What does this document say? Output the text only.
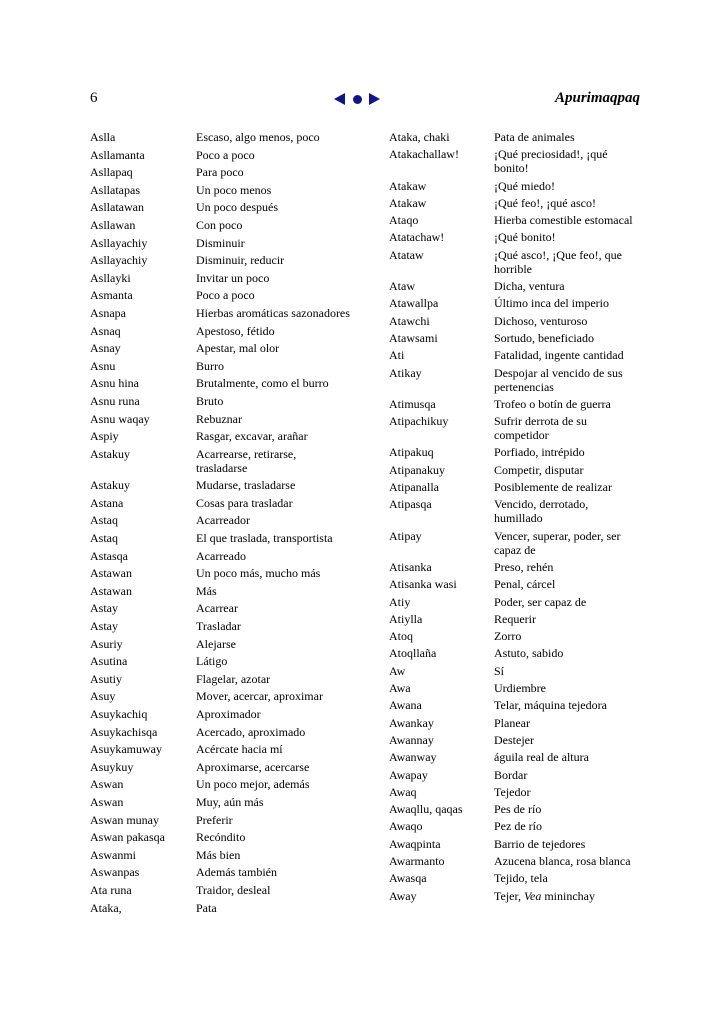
6	Apurimaqpaq
Aslla	Escaso, algo menos, poco
Asllamanta	Poco a poco
Asllapaq	Para poco
Asllatapas	Un poco menos
Asllatawan	Un poco después
Asllawan	Con poco
Asllayachiy	Disminuir
Asllayachiy	Disminuir, reducir
Asllayki	Invitar un poco
Asmanta	Poco a poco
Asnapa	Hierbas aromáticas sazonadores
Asnaq	Apestoso, fétido
Asnay	Apestar, mal olor
Asnu	Burro
Asnu hina	Brutalmente, como el burro
Asnu runa	Bruto
Asnu waqay	Rebuznar
Aspiy	Rasgar, excavar, arañar
Astakuy	Acarrearse, retirarse, trasladarse
Astakuy	Mudarse, trasladarse
Astana	Cosas para trasladar
Astaq	Acarreador
Astaq	El que traslada, transportista
Astasqa	Acarreado
Astawan	Un poco más, mucho más
Astawan	Más
Astay	Acarrear
Astay	Trasladar
Asuriy	Alejarse
Asutina	Látigo
Asutiy	Flagelar, azotar
Asuy	Mover, acercar, aproximar
Asuykachiq	Aproximador
Asuykachisqa	Acercado, aproximado
Asuykamuway	Acércate hacia mí
Asuykuy	Aproximarse, acercarse
Aswan	Un poco mejor, además
Aswan	Muy, aún más
Aswan munay	Preferir
Aswan pakasqa	Recóndito
Aswanmi	Más bien
Aswanpas	Además también
Ata runa	Traidor, desleal
Ataka,	Pata
Ataka, chaki	Pata de animales
Atakachallaw!	¡Qué preciosidad!, ¡qué bonito!
Atakaw	¡Qué miedo!
Atakaw	¡Qué feo!, ¡qué asco!
Ataqo	Hierba comestible estomacal
Atatachaw!	¡Qué bonito!
Atataw	¡Qué asco!, ¡Que feo!, que horrible
Ataw	Dicha, ventura
Atawallpa	Último inca del imperio
Atawchi	Dichoso, venturoso
Atawsami	Sortudo, beneficiado
Ati	Fatalidad, ingente cantidad
Atikay	Despojar al vencido de sus pertenencias
Atimusqa	Trofeo o botín de guerra
Atipachikuy	Sufrir derrota de su competidor
Atipakuq	Porfiado, intrépido
Atipanakuy	Competir, disputar
Atipanalla	Posiblemente de realizar
Atipasqa	Vencido, derrotado, humillado
Atipay	Vencer, superar, poder, ser capaz de
Atisanka	Preso, rehén
Atisanka wasi	Penal, cárcel
Atiy	Poder, ser capaz de
Atiylla	Requerir
Atoq	Zorro
Atoqllaña	Astuto, sabido
Aw	Sí
Awa	Urdiembre
Awana	Telar, máquina tejedora
Awankay	Planear
Awannay	Destejer
Awanway	águila real de altura
Awapay	Bordar
Awaq	Tejedor
Awaqllu, qaqas	Pes de río
Awaqo	Pez de río
Awaqpinta	Barrio de tejedores
Awarmanto	Azucena blanca, rosa blanca
Awasqa	Tejido, tela
Away	Tejer, Vea mininchay
